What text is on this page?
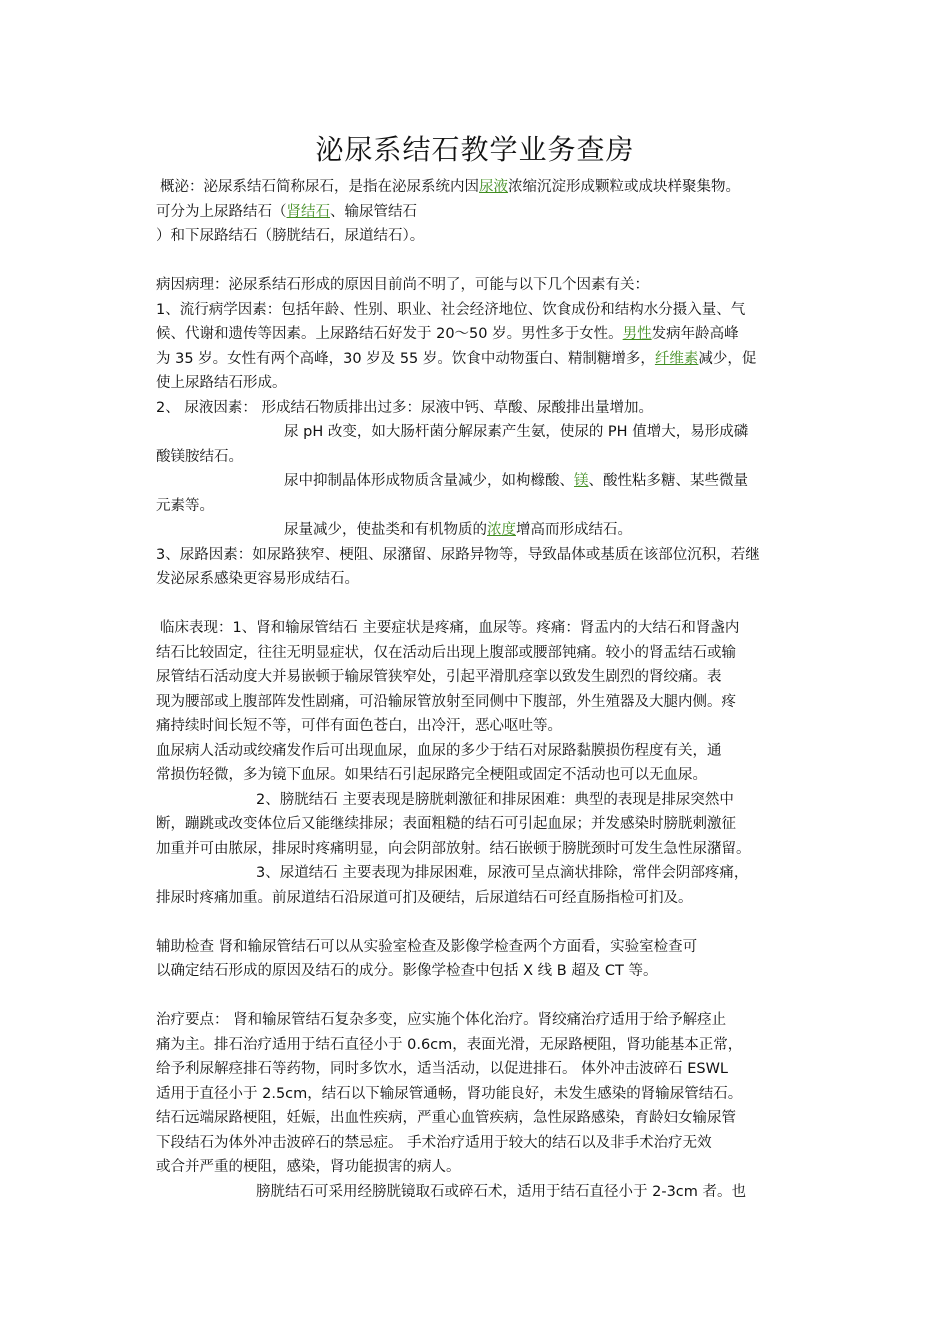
泌尿系结石教学业务查房
概泌：泌尿系结石简称尿石，是指在泌尿系统内因尿液浓缩沉淀形成颗粒或成块样聚集物。
可分为上尿路结石（肾结石、输尿管结石
）和下尿路结石（膀胱结石，尿道结石）。
病因病理：泌尿系结石形成的原因目前尚不明了，可能与以下几个因素有关：
1、流行病学因素：包括年龄、性别、职业、社会经济地位、饮食成份和结构水分摄入量、气
候、代谢和遗传等因素。上尿路结石好发于 20～50 岁。男性多于女性。男性发病年龄高峰
为 35 岁。女性有两个高峰，30 岁及 55 岁。饮食中动物蛋白、精制糖增多，纤维素减少，促
使上尿路结石形成。
2、 尿液因素： 形成结石物质排出过多：尿液中钙、草酸、尿酸排出量增加。
尿 pH 改变，如大肠杆菌分解尿素产生氨，使尿的 PH 值增大，易形成磷
酸镁胺结石。
尿中抑制晶体形成物质含量减少，如枸橼酸、镁、酸性粘多糖、某些微量
元素等。
尿量减少，使盐类和有机物质的浓度增高而形成结石。
3、尿路因素：如尿路狭窄、梗阻、尿潴留、尿路异物等，导致晶体或基质在该部位沉积，若继
发泌尿系感染更容易形成结石。
临床表现：1、肾和输尿管结石 主要症状是疼痛，血尿等。疼痛：肾盂内的大结石和肾盏内
结石比较固定，往往无明显症状，仅在活动后出现上腹部或腰部钝痛。较小的肾盂结石或输
尿管结石活动度大并易嵌顿于输尿管狭窄处，引起平滑肌痉挛以致发生剧烈的肾绞痛。表
现为腰部或上腹部阵发性剧痛，可沿输尿管放射至同侧中下腹部，外生殖器及大腿内侧。疼
痛持续时间长短不等，可伴有面色苍白，出冷汗，恶心呕吐等。
血尿病人活动或绞痛发作后可出现血尿，血尿的多少于结石对尿路黏膜损伤程度有关，通
常损伤轻微，多为镜下血尿。如果结石引起尿路完全梗阻或固定不活动也可以无血尿。
2、膀胱结石 主要表现是膀胱刺激征和排尿困难：典型的表现是排尿突然中
断，蹦跳或改变体位后又能继续排尿；表面粗糙的结石可引起血尿；并发感染时膀胱刺激征
加重并可由脓尿，排尿时疼痛明显，向会阴部放射。结石嵌顿于膀胱颈时可发生急性尿潴留。
3、尿道结石 主要表现为排尿困难，尿液可呈点滴状排除，常伴会阴部疼痛，
排尿时疼痛加重。前尿道结石沿尿道可扪及硬结，后尿道结石可经直肠指检可扪及。
辅助检查 肾和输尿管结石可以从实验室检查及影像学检查两个方面看，实验室检查可
以确定结石形成的原因及结石的成分。影像学检查中包括 X 线 B 超及 CT 等。
治疗要点： 肾和输尿管结石复杂多变，应实施个体化治疗。肾绞痛治疗适用于给予解痉止
痛为主。排石治疗适用于结石直径小于 0.6cm，表面光滑，无尿路梗阻，肾功能基本正常，
给予利尿解痉排石等药物，同时多饮水，适当活动，以促进排石。 体外冲击波碎石 ESWL
适用于直径小于 2.5cm，结石以下输尿管通畅，肾功能良好，未发生感染的肾输尿管结石。
结石远端尿路梗阻，妊娠，出血性疾病，严重心血管疾病，急性尿路感染，育龄妇女输尿管
下段结石为体外冲击波碎石的禁忌症。 手术治疗适用于较大的结石以及非手术治疗无效
或合并严重的梗阻，感染，肾功能损害的病人。
膀胱结石可采用经膀胱镜取石或碎石术，适用于结石直径小于 2-3cm 者。也
